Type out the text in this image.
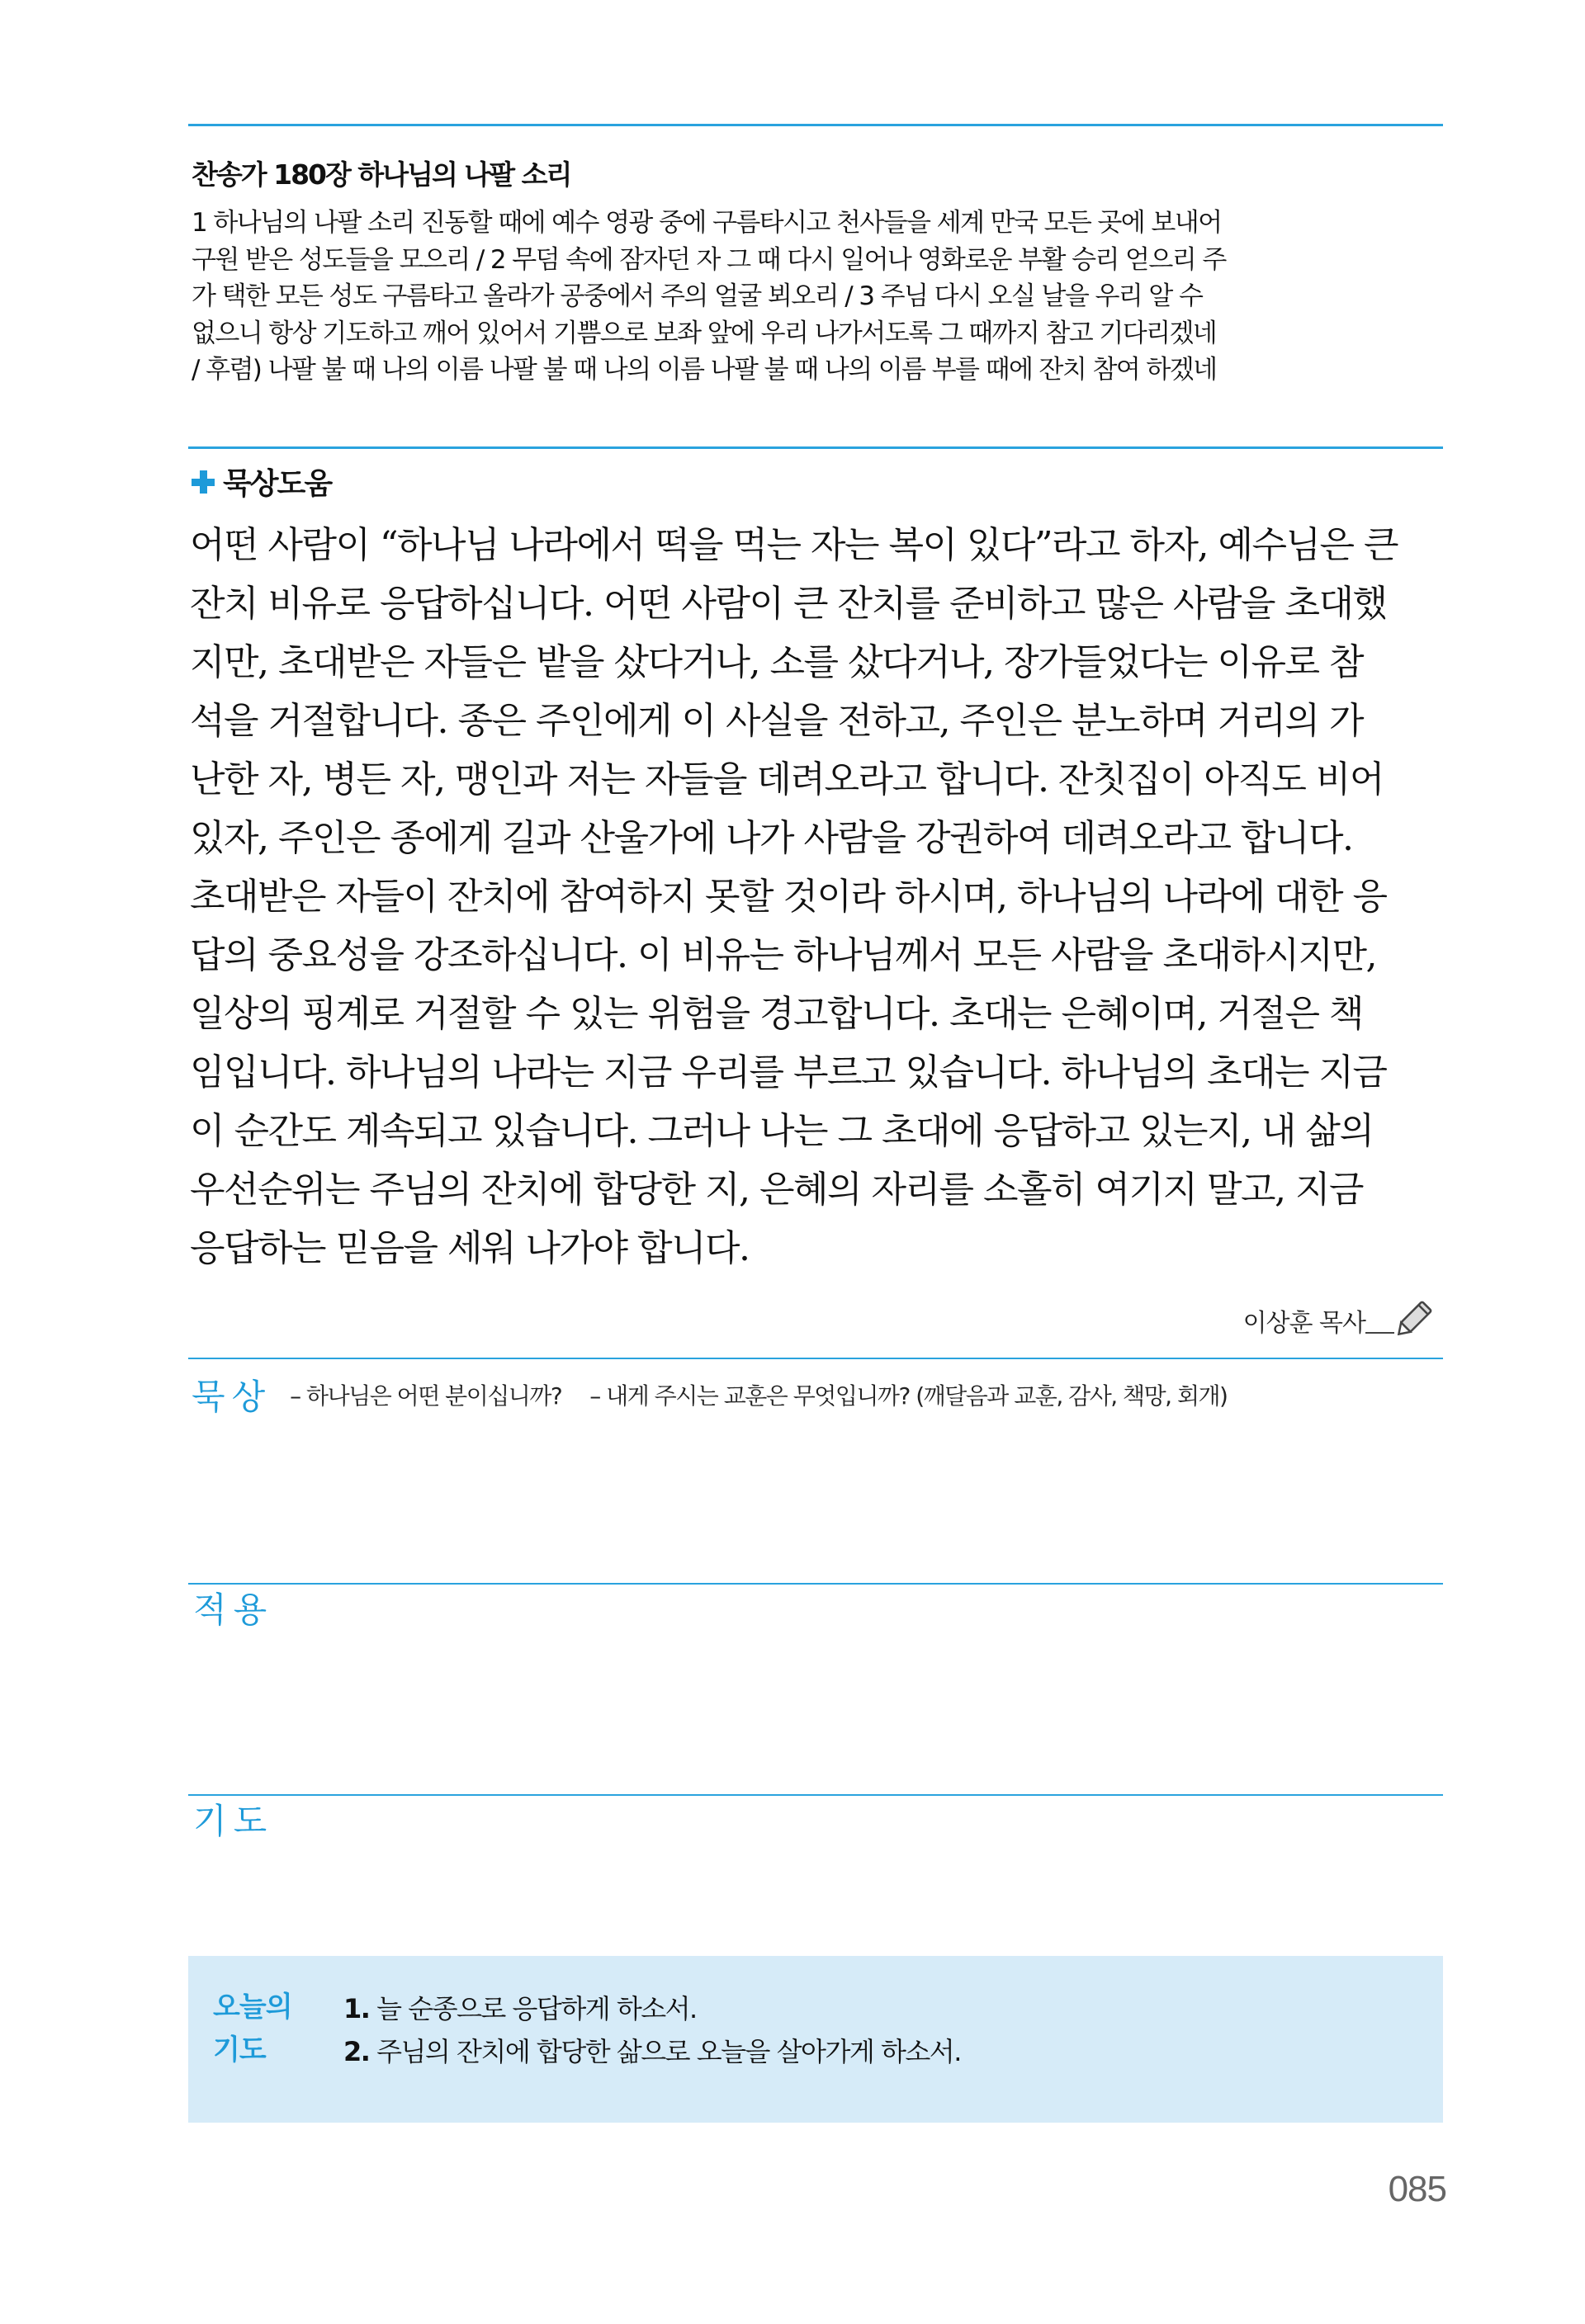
찬송가 180장 하나님의 나팔 소리
1 하나님의 나팔 소리 진동할 때에 예수 영광 중에 구름타시고 천사들을 세계 만국 모든 곳에 보내어
구원 받은 성도들을 모으리 / 2 무덤 속에 잠자던 자 그 때 다시 일어나 영화로운 부활 승리 얻으리 주
가 택한 모든 성도 구름타고 올라가 공중에서 주의 얼굴 뵈오리 / 3 주님 다시 오실 날을 우리 알 수
없으니 항상 기도하고 깨어 있어서 기쁨으로 보좌 앞에 우리 나가서도록 그 때까지 참고 기다리겠네
/ 후렴) 나팔 불 때 나의 이름 나팔 불 때 나의 이름 나팔 불 때 나의 이름 부를 때에 잔치 참여 하겠네
묵상도움
어떤 사람이 “하나님 나라에서 떡을 먹는 자는 복이 있다”라고 하자, 예수님은 큰
잔치 비유로 응답하십니다. 어떤 사람이 큰 잔치를 준비하고 많은 사람을 초대했
지만, 초대받은 자들은 밭을 샀다거나, 소를 샀다거나, 장가들었다는 이유로 참
석을 거절합니다. 종은 주인에게 이 사실을 전하고, 주인은 분노하며 거리의 가
난한 자, 병든 자, 맹인과 저는 자들을 데려오라고 합니다. 잔칫집이 아직도 비어
있자, 주인은 종에게 길과 산울가에 나가 사람을 강권하여 데려오라고 합니다.
초대받은 자들이 잔치에 참여하지 못할 것이라 하시며, 하나님의 나라에 대한 응
답의 중요성을 강조하십니다. 이 비유는 하나님께서 모든 사람을 초대하시지만,
일상의 핑계로 거절할 수 있는 위험을 경고합니다. 초대는 은혜이며, 거절은 책
임입니다. 하나님의 나라는 지금 우리를 부르고 있습니다. 하나님의 초대는 지금
이 순간도 계속되고 있습니다. 그러나 나는 그 초대에 응답하고 있는지, 내 삶의
우선순위는 주님의 잔치에 합당한 지, 은혜의 자리를 소홀히 여기지 말고, 지금
응답하는 믿음을 세워 나가야 합니다.
이상훈 목사
묵상 – 하나님은 어떤 분이십니까? – 내게 주시는 교훈은 무엇입니까? (깨달음과 교훈, 감사, 책망, 회개)
적용
기도
오늘의
기도
1. 늘 순종으로 응답하게 하소서.
2. 주님의 잔치에 합당한 삶으로 오늘을 살아가게 하소서.
085
